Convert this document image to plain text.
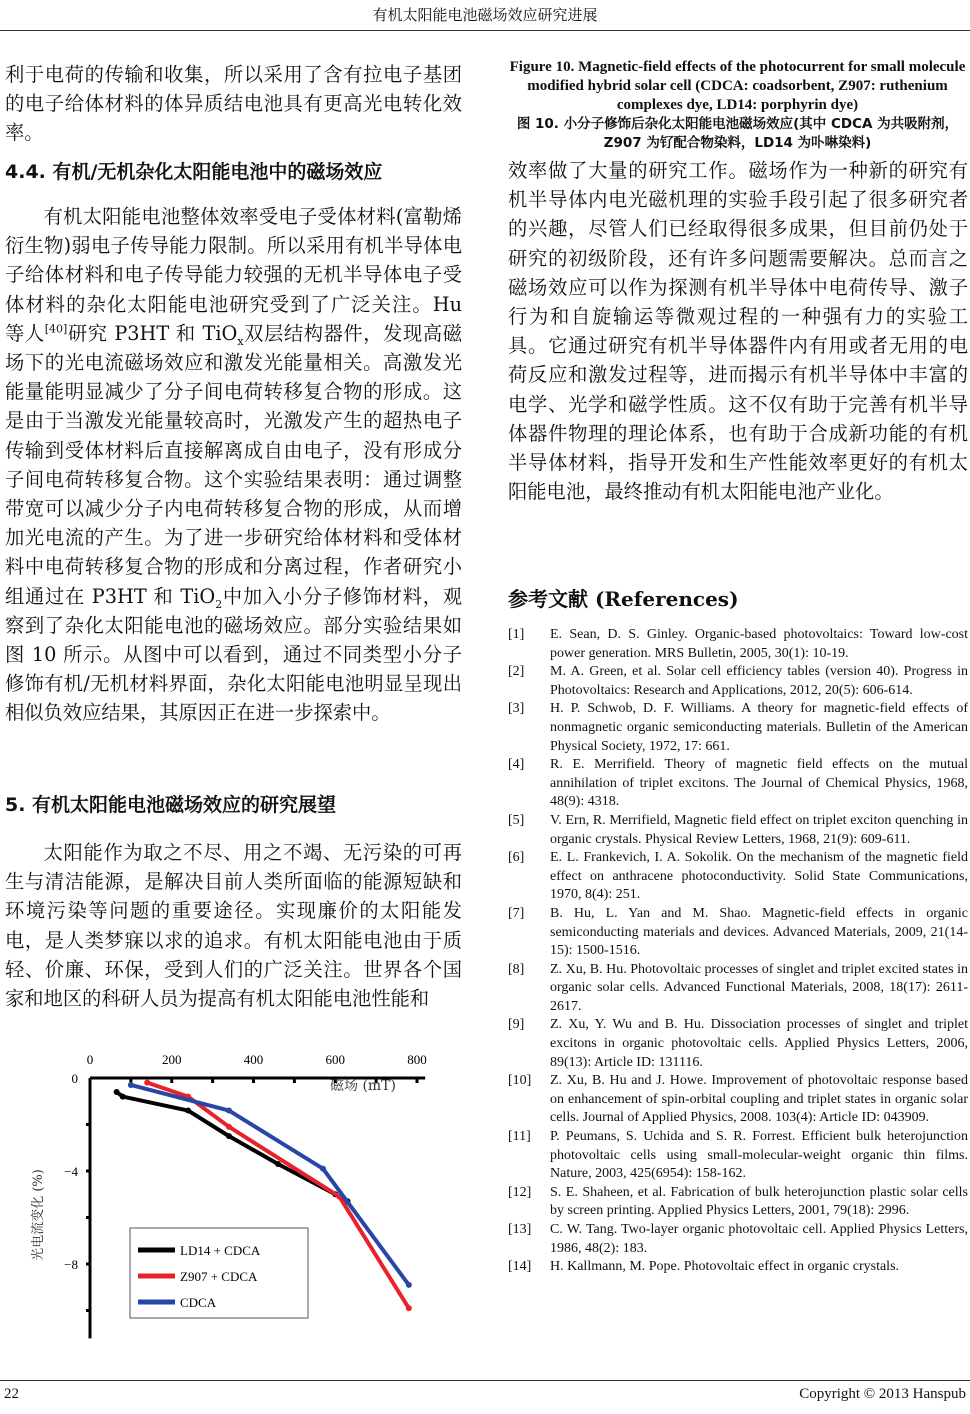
有机太阳能电池磁场效应研究进展
利于电荷的传输和收集，所以采用了含有拉电子基团的电子给体材料的体异质结电池具有更高光电转化效率。
4.4. 有机/无机杂化太阳能电池中的磁场效应
有机太阳能电池整体效率受电子受体材料(富勒烯衍生物)弱电子传导能力限制。所以采用有机半导体电子给体材料和电子传导能力较强的无机半导体电子受体材料的杂化太阳能电池研究受到了广泛关注。Hu 等人[40]研究 P3HT 和 TiO$_x$双层结构器件，发现高磁场下的光电流磁场效应和激发光能量相关。高激发光能量能明显减少了分子间电荷转移复合物的形成。这是由于当激发光能量较高时，光激发产生的超热电子传输到受体材料后直接解离成自由电子，没有形成分子间电荷转移复合物。这个实验结果表明：通过调整带宽可以减少分子内电荷转移复合物的形成，从而增加光电流的产生。为了进一步研究给体材料和受体材料中电荷转移复合物的形成和分离过程，作者研究小组通过在 P3HT 和 TiO$_2$中加入小分子修饰材料，观察到了杂化太阳能电池的磁场效应。部分实验结果如图 10 所示。从图中可以看到，通过不同类型小分子修饰有机/无机材料界面，杂化太阳能电池明显呈现出相似负效应结果，其原因正在进一步探索中。
5. 有机太阳能电池磁场效应的研究展望
太阳能作为取之不尽、用之不竭、无污染的可再生与清洁能源，是解决目前人类所面临的能源短缺和环境污染等问题的重要途径。实现廉价的太阳能发电，是人类梦寐以求的追求。有机太阳能电池由于质轻、价廉、环保，受到人们的广泛关注。世界各个国家和地区的科研人员为提高有机太阳能电池性能和
0	200	400	600	800
0
−4
−8
磁场 (mT)
光电流变化 (%)	LD14 + CDCA
Z907 + CDCA
CDCA
Figure 10. Magnetic-field effects of the photocurrent for small molecule modified hybrid solar cell (CDCA: coadsorbent, Z907: ruthenium complexes dye, LD14: porphyrin dye)
图 10. 小分子修饰后杂化太阳能电池磁场效应(其中 CDCA 为共吸附剂，Z907 为钌配合物染料，LD14 为卟啉染料)
效率做了大量的研究工作。磁场作为一种新的研究有机半导体内电光磁机理的实验手段引起了很多研究者的兴趣，尽管人们已经取得很多成果，但目前仍处于研究的初级阶段，还有许多问题需要解决。总而言之磁场效应可以作为探测有机半导体中电荷传导、激子行为和自旋输运等微观过程的一种强有力的实验工具。它通过研究有机半导体器件内有用或者无用的电荷反应和激发过程等，进而揭示有机半导体中丰富的电学、光学和磁学性质。这不仅有助于完善有机半导体器件物理的理论体系，也有助于合成新功能的有机半导体材料，指导开发和生产性能效率更好的有机太阳能电池，最终推动有机太阳能电池产业化。
参考文献 (References)
[1]	E. Sean, D. S. Ginley. Organic-based photovoltaics: Toward low-cost power generation. MRS Bulletin, 2005, 30(1): 10-19.
[2]	M. A. Green, et al. Solar cell efficiency tables (version 40). Progress in Photovoltaics: Research and Applications, 2012, 20(5): 606-614.
[3]	H. P. Schwob, D. F. Williams. A theory for magnetic-field effects of nonmagnetic organic semiconducting materials. Bulletin of the American Physical Society, 1972, 17: 661.
[4]	R. E. Merrifield. Theory of magnetic field effects on the mutual annihilation of triplet excitons. The Journal of Chemical Physics, 1968, 48(9): 4318.
[5]	V. Ern, R. Merrifield, Magnetic field effect on triplet exciton quenching in organic crystals. Physical Review Letters, 1968, 21(9): 609-611.
[6]	E. L. Frankevich, I. A. Sokolik. On the mechanism of the magnetic field effect on anthracene photoconductivity. Solid State Communications, 1970, 8(4): 251.
[7]	B. Hu, L. Yan and M. Shao. Magnetic-field effects in organic semiconducting materials and devices. Advanced Materials, 2009, 21(14-15): 1500-1516.
[8]	Z. Xu, B. Hu. Photovoltaic processes of singlet and triplet excited states in organic solar cells. Advanced Functional Materials, 2008, 18(17): 2611-2617.
[9]	Z. Xu, Y. Wu and B. Hu. Dissociation processes of singlet and triplet excitons in organic photovoltaic cells. Applied Physics Letters, 2006, 89(13): Article ID: 131116.
[10]	Z. Xu, B. Hu and J. Howe. Improvement of photovoltaic response based on enhancement of spin-orbital coupling and triplet states in organic solar cells. Journal of Applied Physics, 2008. 103(4): Article ID: 043909.
[11]	P. Peumans, S. Uchida and S. R. Forrest. Efficient bulk heterojunction photovoltaic cells using small-molecular-weight organic thin films. Nature, 2003, 425(6954): 158-162.
[12]	S. E. Shaheen, et al. Fabrication of bulk heterojunction plastic solar cells by screen printing. Applied Physics Letters, 2001, 79(18): 2996.
[13]	C. W. Tang. Two-layer organic photovoltaic cell. Applied Physics Letters, 1986, 48(2): 183.
[14]	H. Kallmann, M. Pope. Photovoltaic effect in organic crystals.
22	Copyright © 2013 Hanspub
